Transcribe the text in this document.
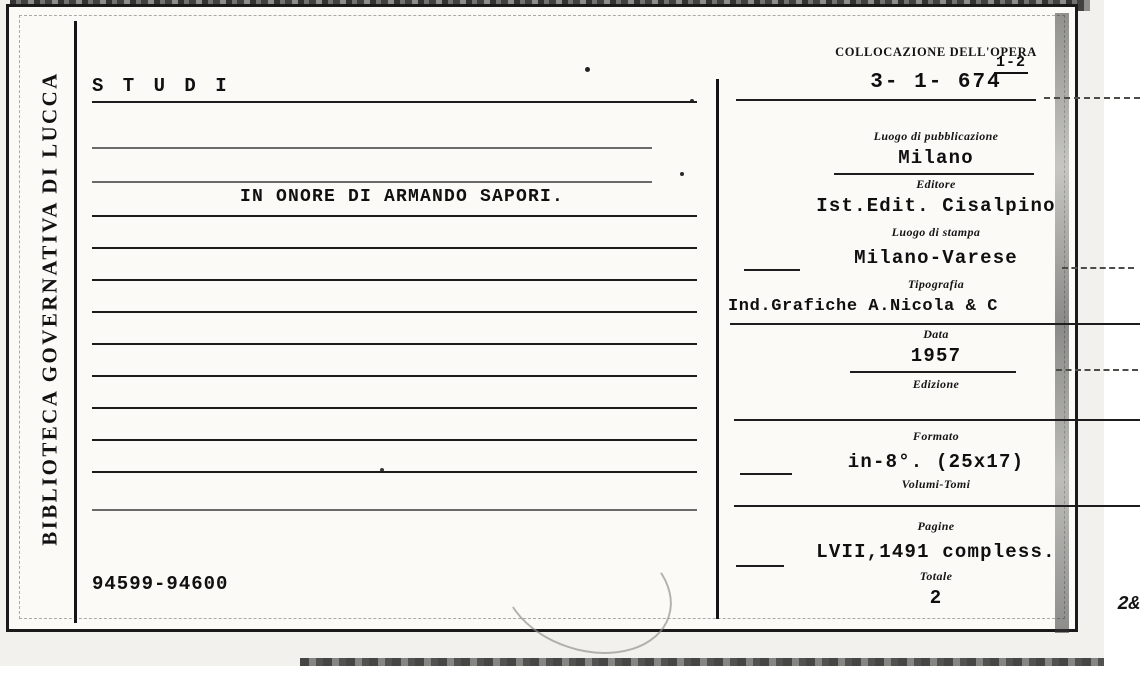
BIBLIOTECA GOVERNATIVA DI LUCCA S T U D I
IN ONORE DI ARMANDO SAPORI.
94599-94600
COLLOCAZIONE DELL'OPERA
3- 1- 674
1-2
Luogo di pubblicazione
Milano
Editore
Ist.Edit. Cisalpino
Luogo di stampa
Milano-Varese
Tipografia
Ind.Grafiche A.Nicola & C
Data
1957
Edizione
Formato
in-8°. (25x17)
Volumi-Tomi
Pagine
LVII,1491 compless.
Totale
2	2&
